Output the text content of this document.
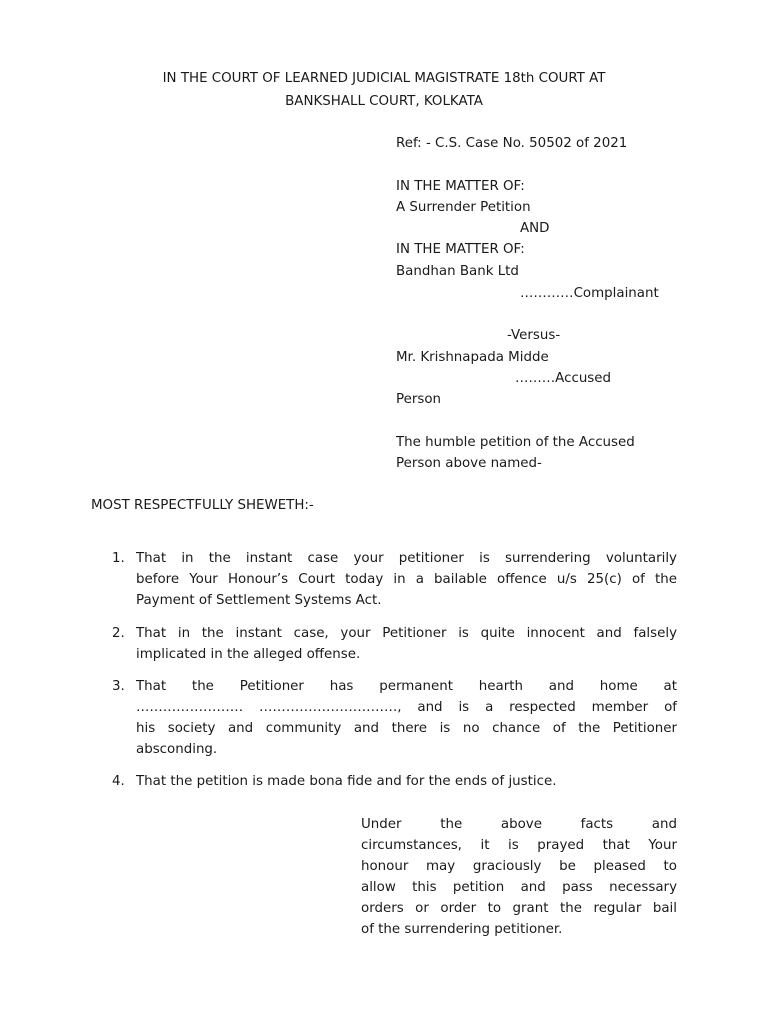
IN THE COURT OF LEARNED JUDICIAL MAGISTRATE 18th COURT AT
BANKSHALL COURT, KOLKATA
Ref: - C.S. Case No. 50502 of 2021
IN THE MATTER OF:
A Surrender Petition
AND
IN THE MATTER OF:
Bandhan Bank Ltd
…………Complainant
-Versus-
Mr. Krishnapada Midde
………Accused
Person
The humble petition of the Accused
Person above named-
MOST RESPECTFULLY SHEWETH:-
1. That in the instant case your petitioner is surrendering voluntarily
before Your Honour’s Court today in a bailable offence u/s 25(c) of the
Payment of Settlement Systems Act.
2. That in the instant case, your Petitioner is quite innocent and falsely
implicated in the alleged offense.
3. That the Petitioner has permanent hearth and home at
…………………… …………………………., and is a respected member of
his society and community and there is no chance of the Petitioner
absconding.
4. That the petition is made bona fide and for the ends of justice.
Under the above facts and
circumstances, it is prayed that Your
honour may graciously be pleased to
allow this petition and pass necessary
orders or order to grant the regular bail
of the surrendering petitioner.
